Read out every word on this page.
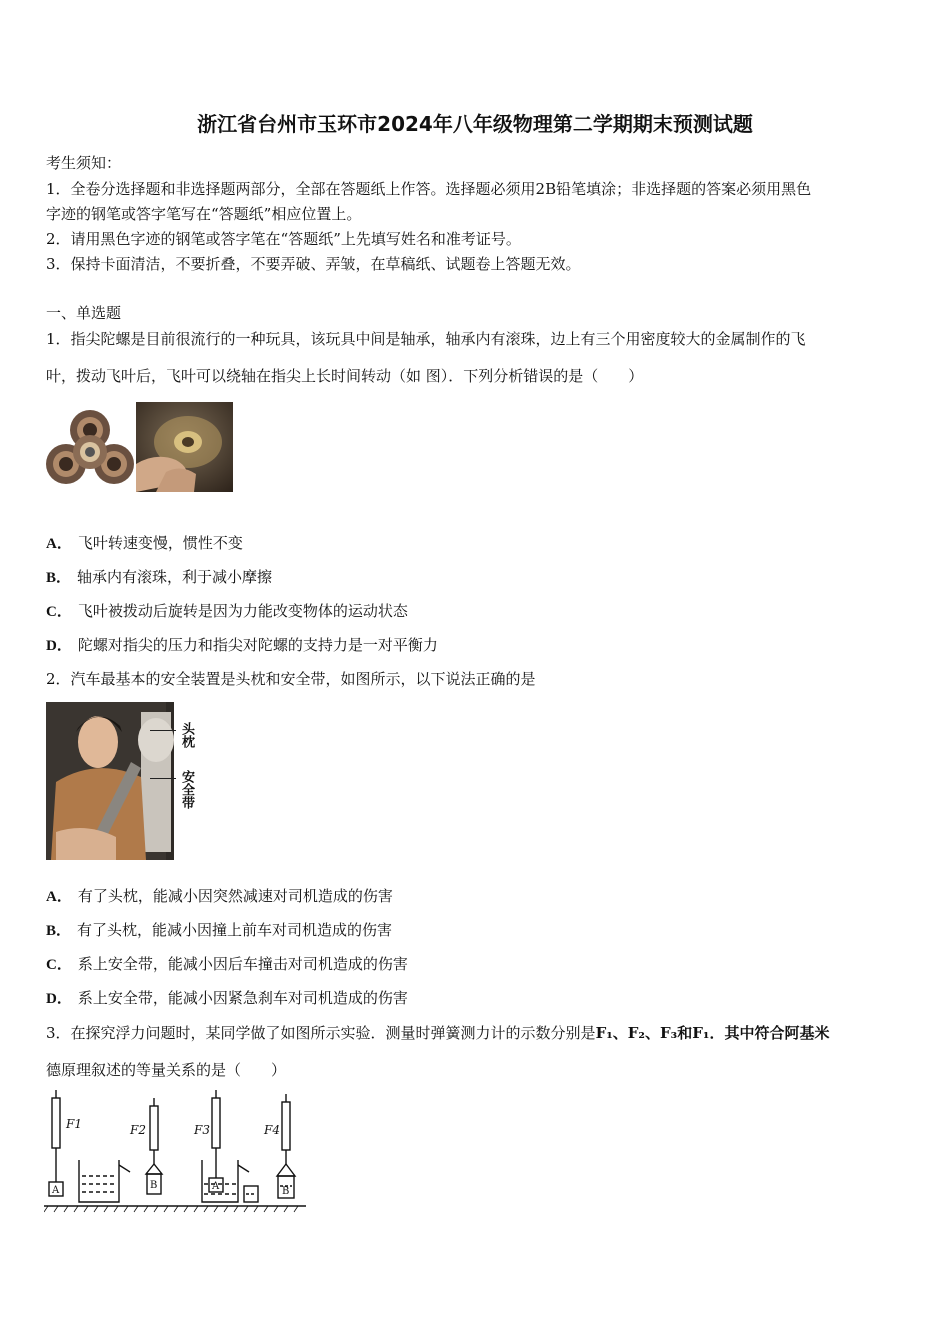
浙江省台州市玉环市2024年八年级物理第二学期期末预测试题
考生须知：
1．全卷分选择题和非选择题两部分，全部在答题纸上作答。选择题必须用2B铅笔填涂；非选择题的答案必须用黑色
字迹的钢笔或答字笔写在“答题纸”相应位置上。
2．请用黑色字迹的钢笔或答字笔在“答题纸”上先填写姓名和准考证号。
3．保持卡面清洁，不要折叠，不要弄破、弄皱，在草稿纸、试题卷上答题无效。
一、单选题
1．指尖陀螺是目前很流行的一种玩具，该玩具中间是轴承，轴承内有滚珠，边上有三个用密度较大的金属制作的飞
叶，拨动飞叶后，飞叶可以绕轴在指尖上长时间转动（如 图）．下列分析错误的是（　　）
A． 飞叶转速变慢，惯性不变
B． 轴承内有滚珠，利于减小摩擦
C． 飞叶被拨动后旋转是因为力能改变物体的运动状态
D． 陀螺对指尖的压力和指尖对陀螺的支持力是一对平衡力
2．汽车最基本的安全装置是头枕和安全带，如图所示，以下说法正确的是
头枕
安全带
A． 有了头枕，能减小因突然减速对司机造成的伤害
B． 有了头枕，能减小因撞上前车对司机造成的伤害
C． 系上安全带，能减小因后车撞击对司机造成的伤害
D． 系上安全带，能减小因紧急刹车对司机造成的伤害
3．在探究浮力问题时，某同学做了如图所示实验．测量时弹簧测力计的示数分别是F₁、F₂、F₃和F₁．其中符合阿基米
德原理叙述的等量关系的是（　　）
F1	F2	F3	F4
A	B	A	B
